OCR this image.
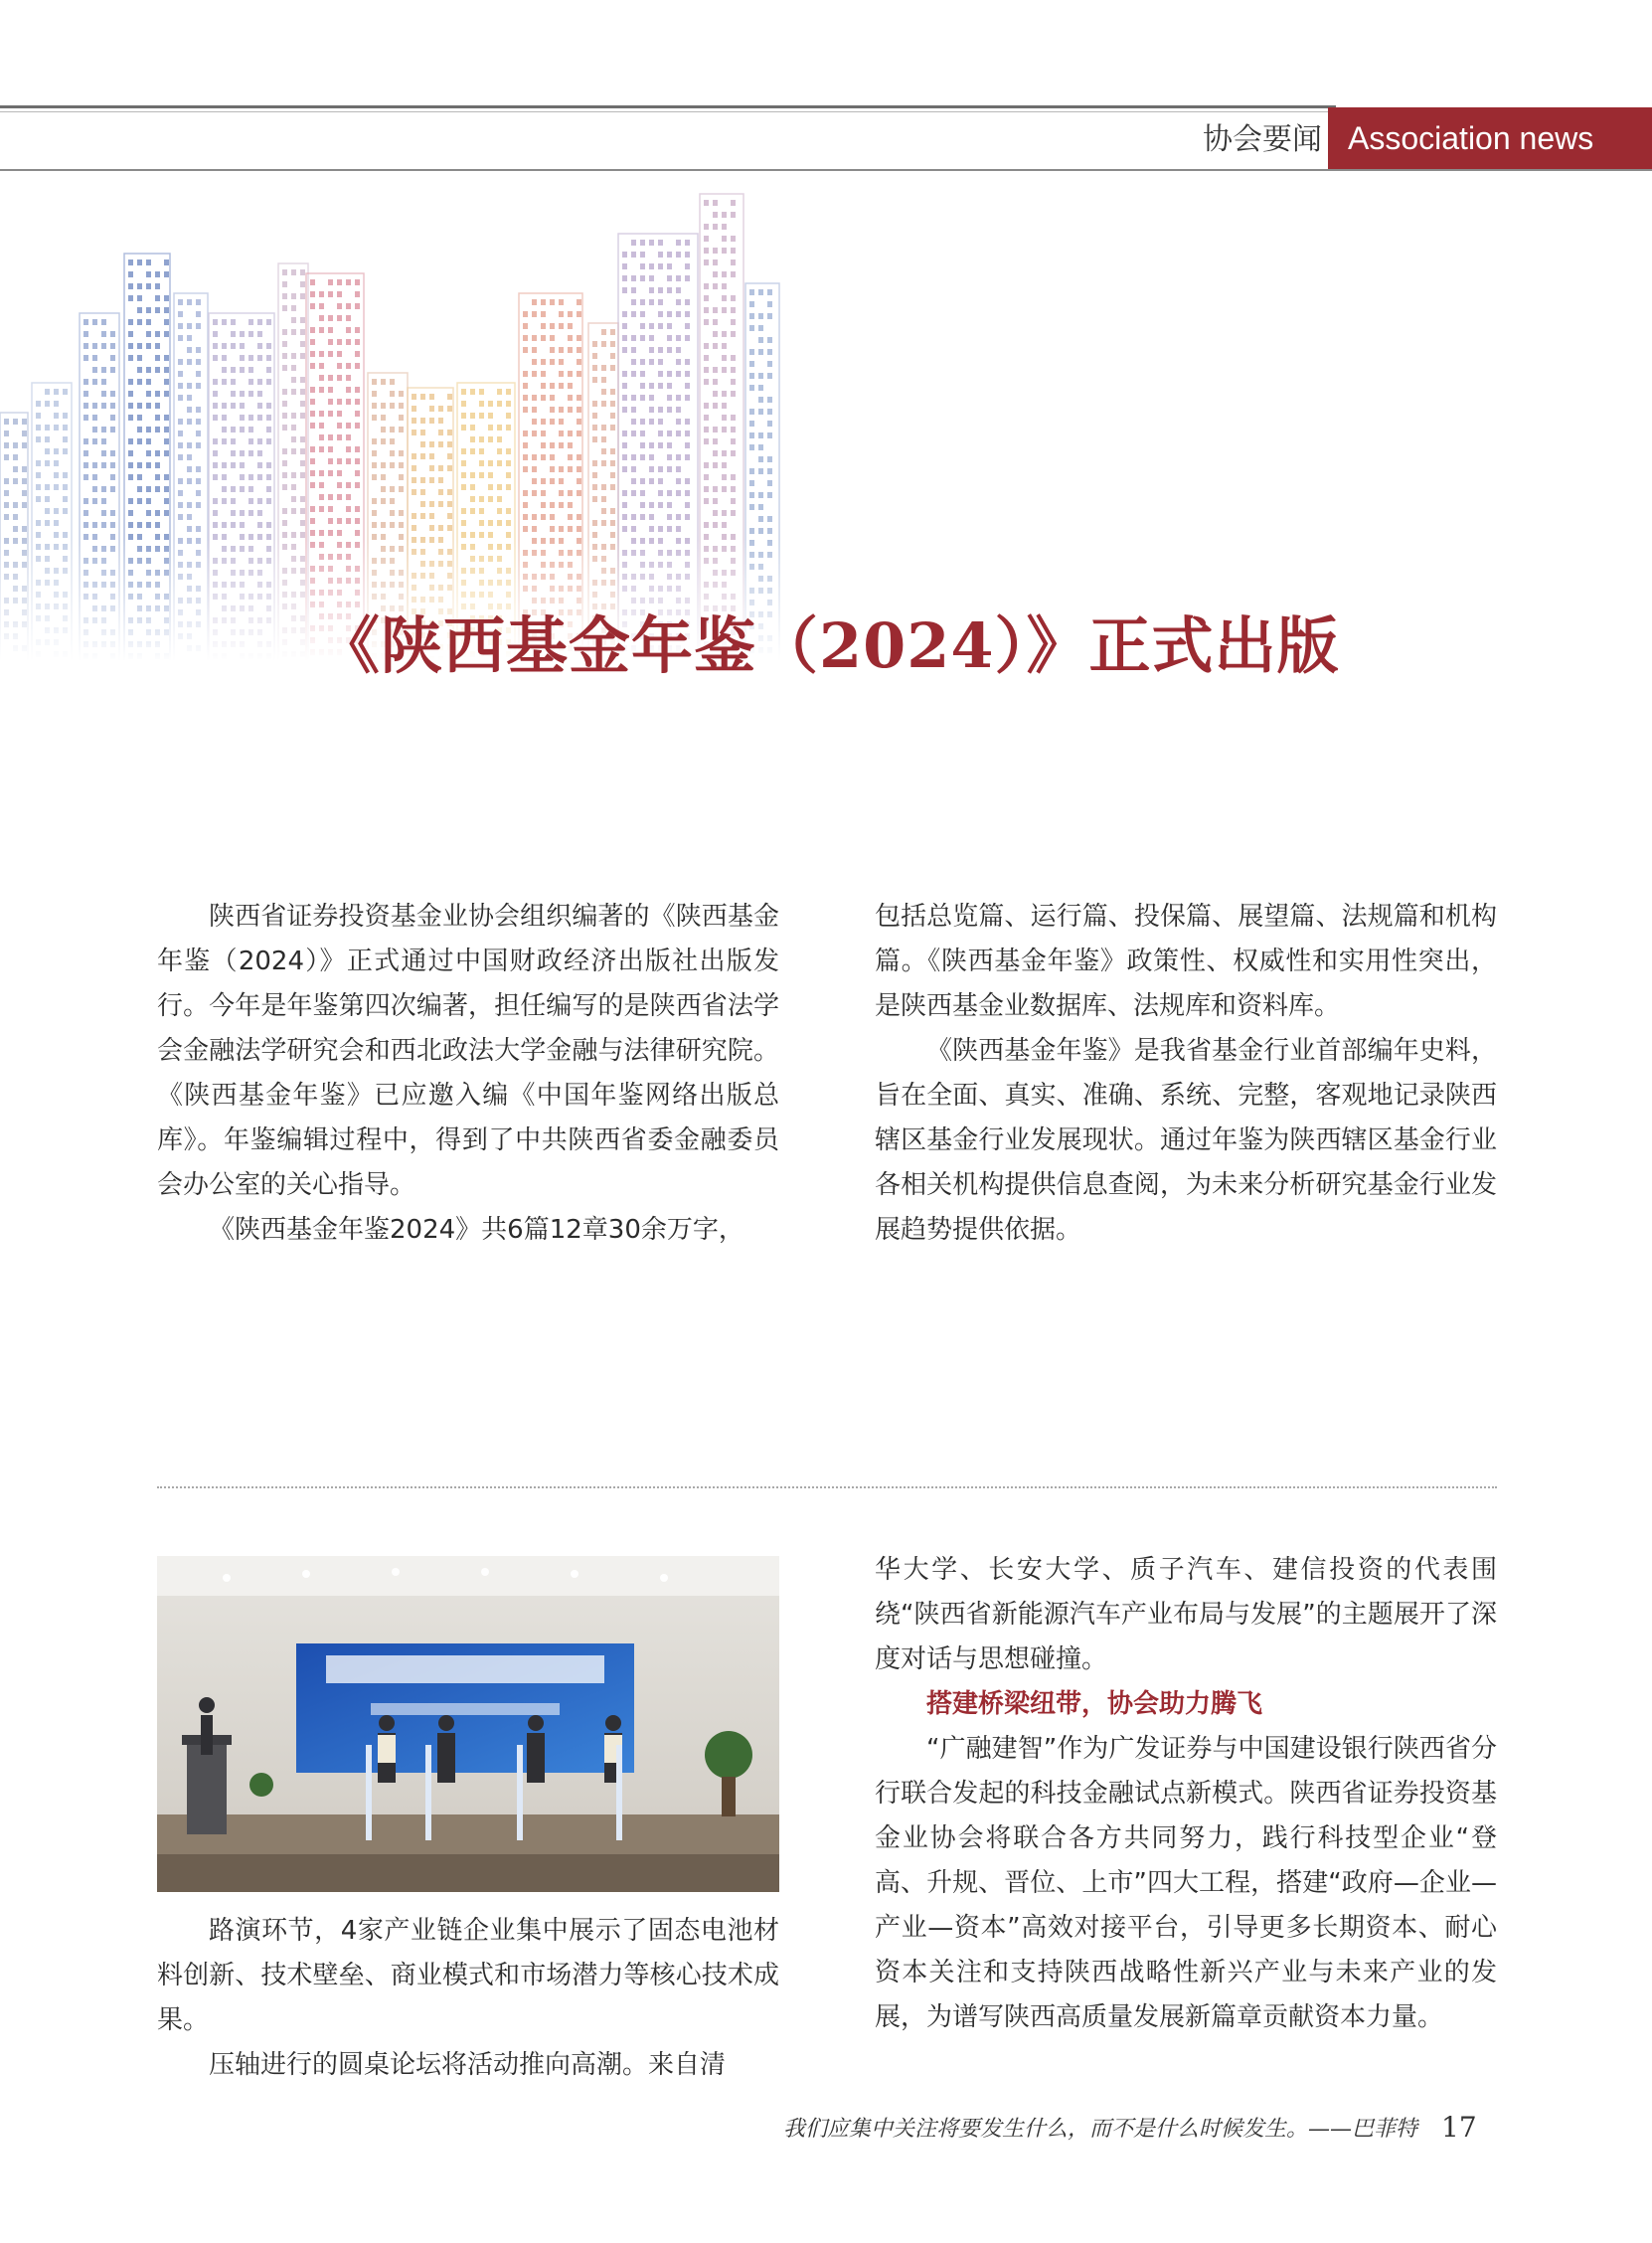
协会要闻 Association news
《陕西基金年鉴（2024）》正式出版

陕西省证券投资基金业协会组织编著的《陕西基金年鉴（2024）》正式通过中国财政经济出版社出版发行。今年是年鉴第四次编著，担任编写的是陕西省法学会金融法学研究会和西北政法大学金融与法律研究院。《陕西基金年鉴》已应邀入编《中国年鉴网络出版总库》。年鉴编辑过程中，得到了中共陕西省委金融委员会办公室的关心指导。

《陕西基金年鉴2024》共6篇12章30余万字，

包括总览篇、运行篇、投保篇、展望篇、法规篇和机构篇。《陕西基金年鉴》政策性、权威性和实用性突出，是陕西基金业数据库、法规库和资料库。

《陕西基金年鉴》是我省基金行业首部编年史料，旨在全面、真实、准确、系统、完整，客观地记录陕西辖区基金行业发展现状。通过年鉴为陕西辖区基金行业各相关机构提供信息查阅，为未来分析研究基金行业发展趋势提供依据。

路演环节，4家产业链企业集中展示了固态电池材料创新、技术壁垒、商业模式和市场潜力等核心技术成果。

压轴进行的圆桌论坛将活动推向高潮。来自清

华大学、长安大学、质子汽车、建信投资的代表围绕“陕西省新能源汽车产业布局与发展”的主题展开了深度对话与思想碰撞。

搭建桥梁纽带，协会助力腾飞

“广融建智”作为广发证券与中国建设银行陕西省分行联合发起的科技金融试点新模式。陕西省证券投资基金业协会将联合各方共同努力，践行科技型企业“登高、升规、晋位、上市”四大工程，搭建“政府—企业—产业—资本”高效对接平台，引导更多长期资本、耐心资本关注和支持陕西战略性新兴产业与未来产业的发展，为谱写陕西高质量发展新篇章贡献资本力量。

我们应集中关注将要发生什么，而不是什么时候发生。——巴菲特 17
